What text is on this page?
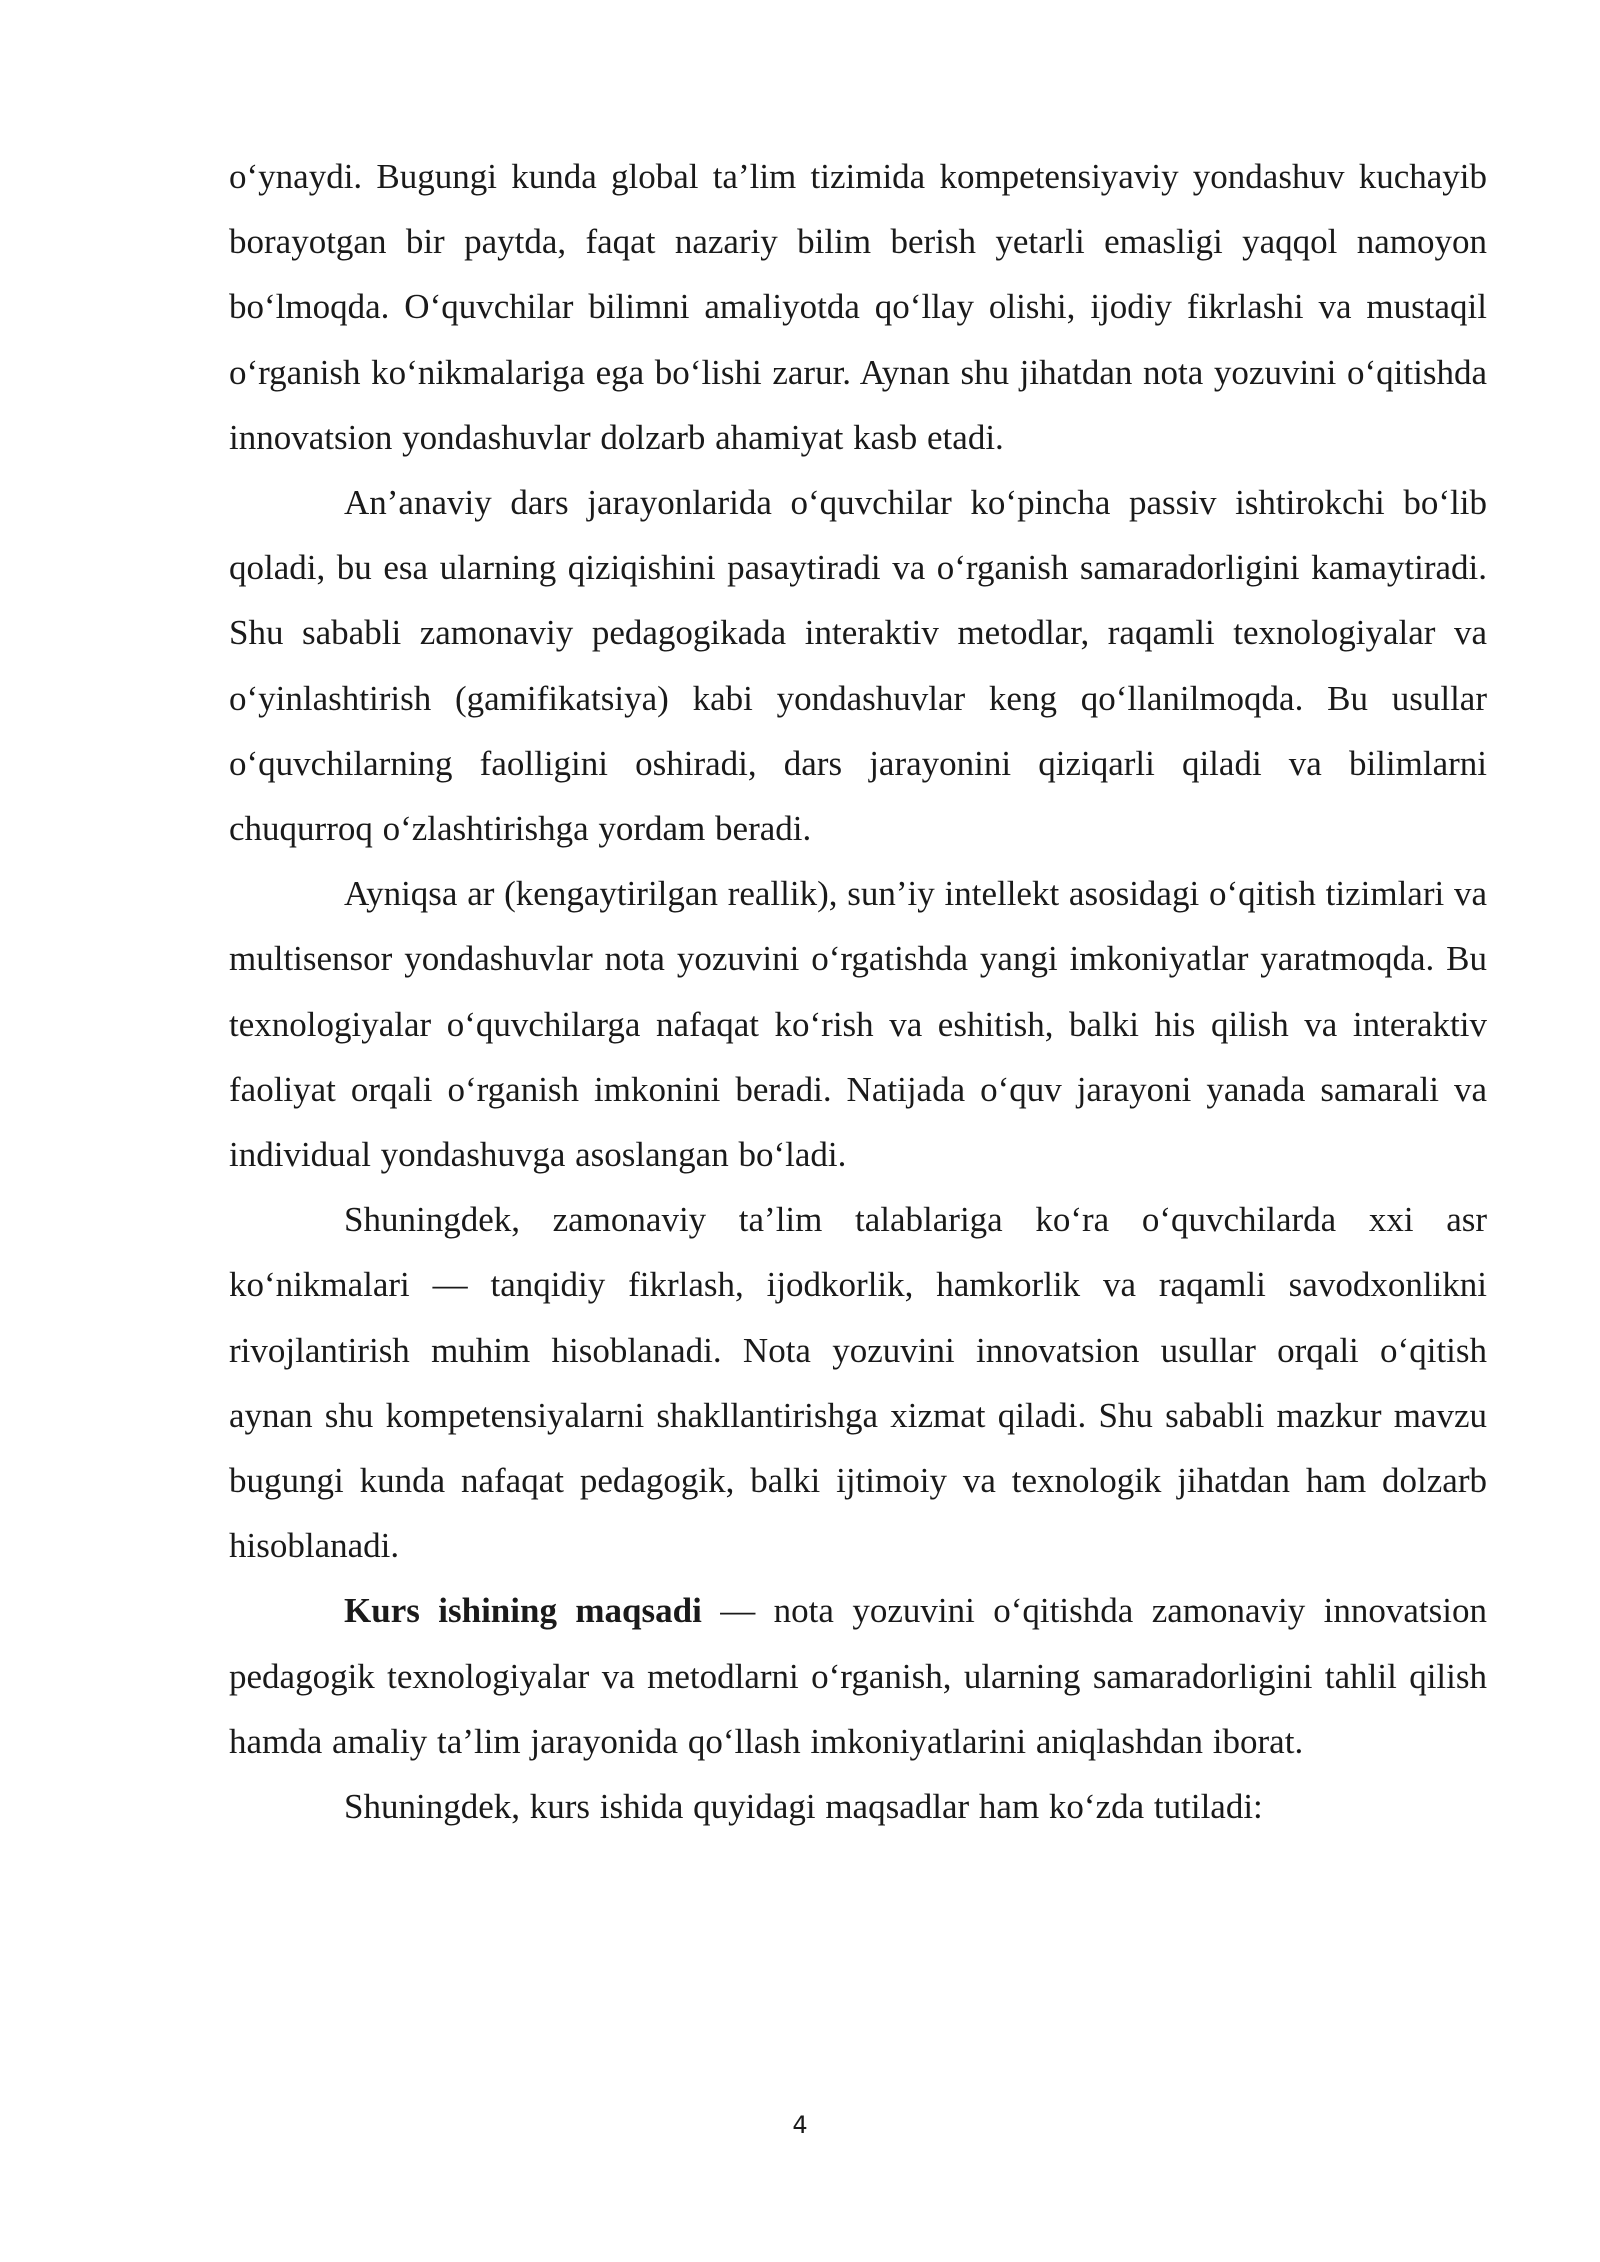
o‘ynaydi. Bugungi kunda global ta’lim tizimida kompetensiyaviy yondashuv kuchayib borayotgan bir paytda, faqat nazariy bilim berish yetarli emasligi yaqqol namoyon bo‘lmoqda. O‘quvchilar bilimni amaliyotda qo‘llay olishi, ijodiy fikrlashi va mustaqil o‘rganish ko‘nikmalariga ega bo‘lishi zarur. Aynan shu jihatdan nota yozuvini o‘qitishda innovatsion yondashuvlar dolzarb ahamiyat kasb etadi.

An’anaviy dars jarayonlarida o‘quvchilar ko‘pincha passiv ishtirokchi bo‘lib qoladi, bu esa ularning qiziqishini pasaytiradi va o‘rganish samaradorligini kamaytiradi. Shu sababli zamonaviy pedagogikada interaktiv metodlar, raqamli texnologiyalar va o‘yinlashtirish (gamifikatsiya) kabi yondashuvlar keng qo‘llanilmoqda. Bu usullar o‘quvchilarning faolligini oshiradi, dars jarayonini qiziqarli qiladi va bilimlarni chuqurroq o‘zlashtirishga yordam beradi.

Ayniqsa ar (kengaytirilgan reallik), sun’iy intellekt asosidagi o‘qitish tizimlari va multisensor yondashuvlar nota yozuvini o‘rgatishda yangi imkoniyatlar yaratmoqda. Bu texnologiyalar o‘quvchilarga nafaqat ko‘rish va eshitish, balki his qilish va interaktiv faoliyat orqali o‘rganish imkonini beradi. Natijada o‘quv jarayoni yanada samarali va individual yondashuvga asoslangan bo‘ladi.

Shuningdek, zamonaviy ta’lim talablariga ko‘ra o‘quvchilarda xxi asr ko‘nikmalari — tanqidiy fikrlash, ijodkorlik, hamkorlik va raqamli savodxonlikni rivojlantirish muhim hisoblanadi. Nota yozuvini innovatsion usullar orqali o‘qitish aynan shu kompetensiyalarni shakllantirishga xizmat qiladi. Shu sababli mazkur mavzu bugungi kunda nafaqat pedagogik, balki ijtimoiy va texnologik jihatdan ham dolzarb hisoblanadi.

Kurs ishining maqsadi — nota yozuvini o‘qitishda zamonaviy innovatsion pedagogik texnologiyalar va metodlarni o‘rganish, ularning samaradorligini tahlil qilish hamda amaliy ta’lim jarayonida qo‘llash imkoniyatlarini aniqlashdan iborat.

Shuningdek, kurs ishida quyidagi maqsadlar ham ko‘zda tutiladi:

4
